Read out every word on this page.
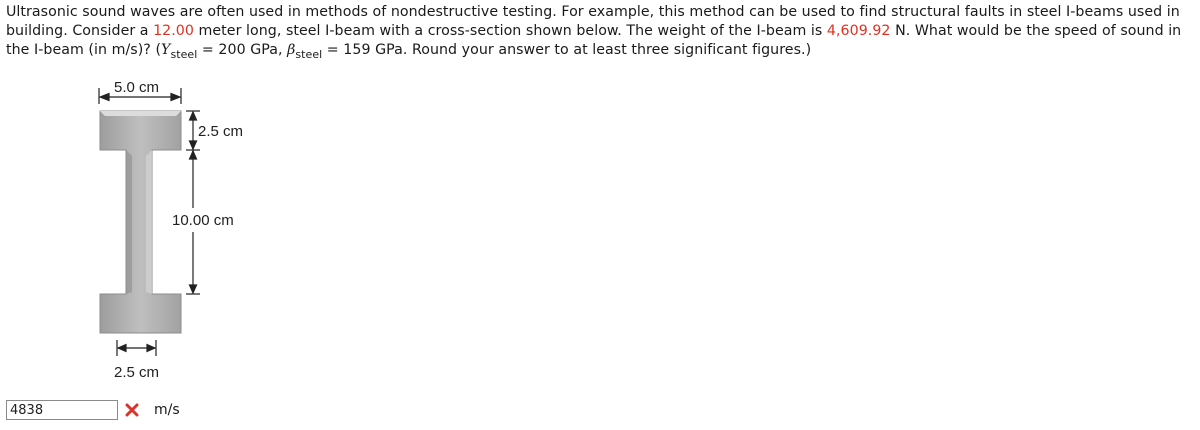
Ultrasonic sound waves are often used in methods of nondestructive testing. For example, this method can be used to find structural faults in steel I-beams used in building. Consider a 12.00 meter long, steel I-beam with a cross-section shown below. The weight of the I-beam is 4,609.92 N. What would be the speed of sound in the I-beam (in m/s)? ($Y_{steel} = 200$ GPa, $\beta_{steel} = 159$ GPa. Round your answer to at least three significant figures.)
5.0 cm
2.5 cm
10.00 cm
2.5 cm
4838
m/s
